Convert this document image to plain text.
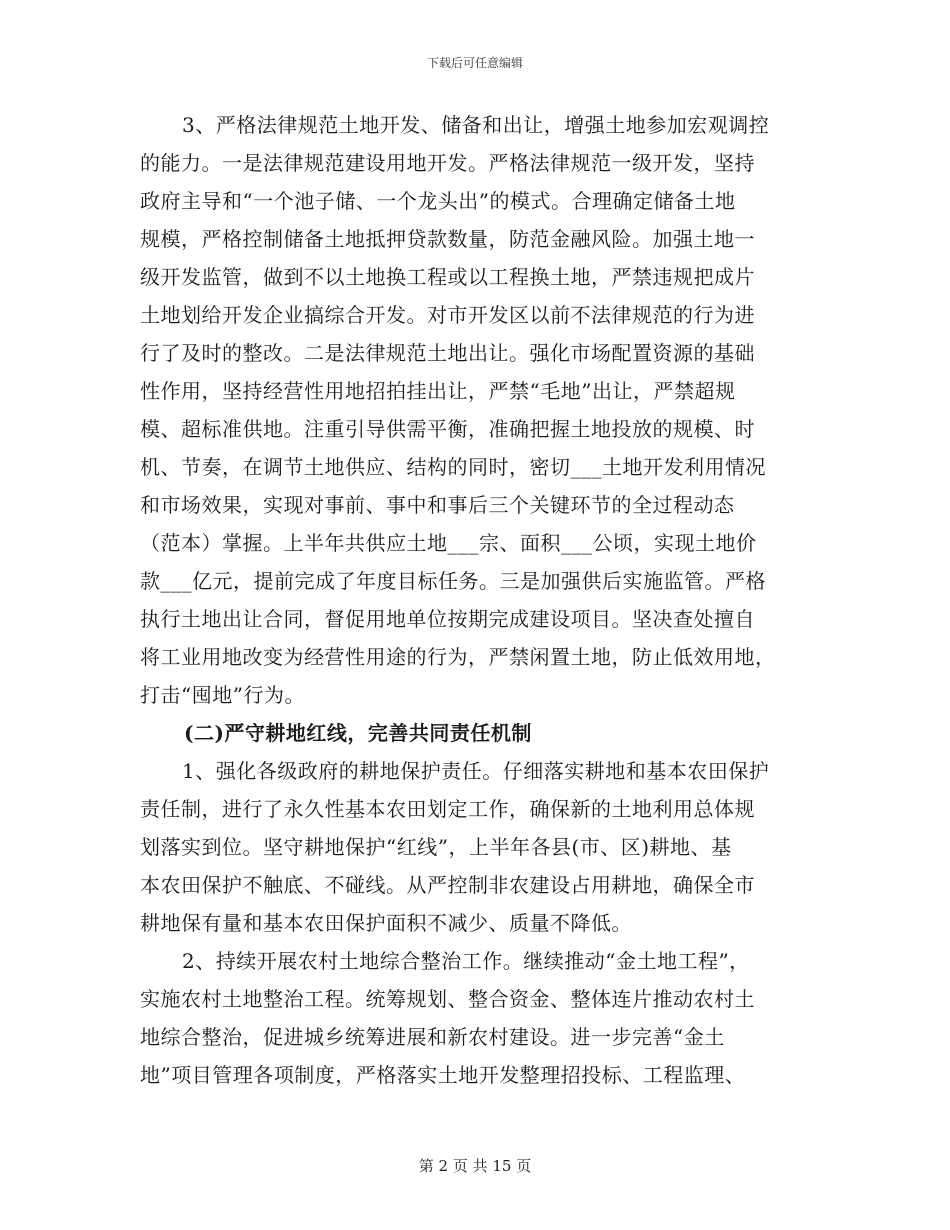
下载后可任意编辑
3、严格法律规范土地开发、储备和出让，增强土地参加宏观调控
的能力。一是法律规范建设用地开发。严格法律规范一级开发，坚持
政府主导和“一个池子储、一个龙头出”的模式。合理确定储备土地
规模，严格控制储备土地抵押贷款数量，防范金融风险。加强土地一
级开发监管，做到不以土地换工程或以工程换土地，严禁违规把成片
土地划给开发企业搞综合开发。对市开发区以前不法律规范的行为进
行了及时的整改。二是法律规范土地出让。强化市场配置资源的基础
性作用，坚持经营性用地招拍挂出让，严禁“毛地”出让，严禁超规
模、超标准供地。注重引导供需平衡，准确把握土地投放的规模、时
机、节奏，在调节土地供应、结构的同时，密切___土地开发利用情况
和市场效果，实现对事前、事中和事后三个关键环节的全过程动态
（范本）掌握。上半年共供应土地___宗、面积___公顷，实现土地价
款___亿元，提前完成了年度目标任务。三是加强供后实施监管。严格
执行土地出让合同，督促用地单位按期完成建设项目。坚决查处擅自
将工业用地改变为经营性用途的行为，严禁闲置土地，防止低效用地，
打击“囤地”行为。
(二)严守耕地红线，完善共同责任机制
1、强化各级政府的耕地保护责任。仔细落实耕地和基本农田保护
责任制，进行了永久性基本农田划定工作，确保新的土地利用总体规
划落实到位。坚守耕地保护“红线”，上半年各县(市、区)耕地、基
本农田保护不触底、不碰线。从严控制非农建设占用耕地，确保全市
耕地保有量和基本农田保护面积不减少、质量不降低。
2、持续开展农村土地综合整治工作。继续推动“金土地工程”，
实施农村土地整治工程。统筹规划、整合资金、整体连片推动农村土
地综合整治，促进城乡统筹进展和新农村建设。进一步完善“金土
地”项目管理各项制度，严格落实土地开发整理招投标、工程监理、
第 2 页 共 15 页
